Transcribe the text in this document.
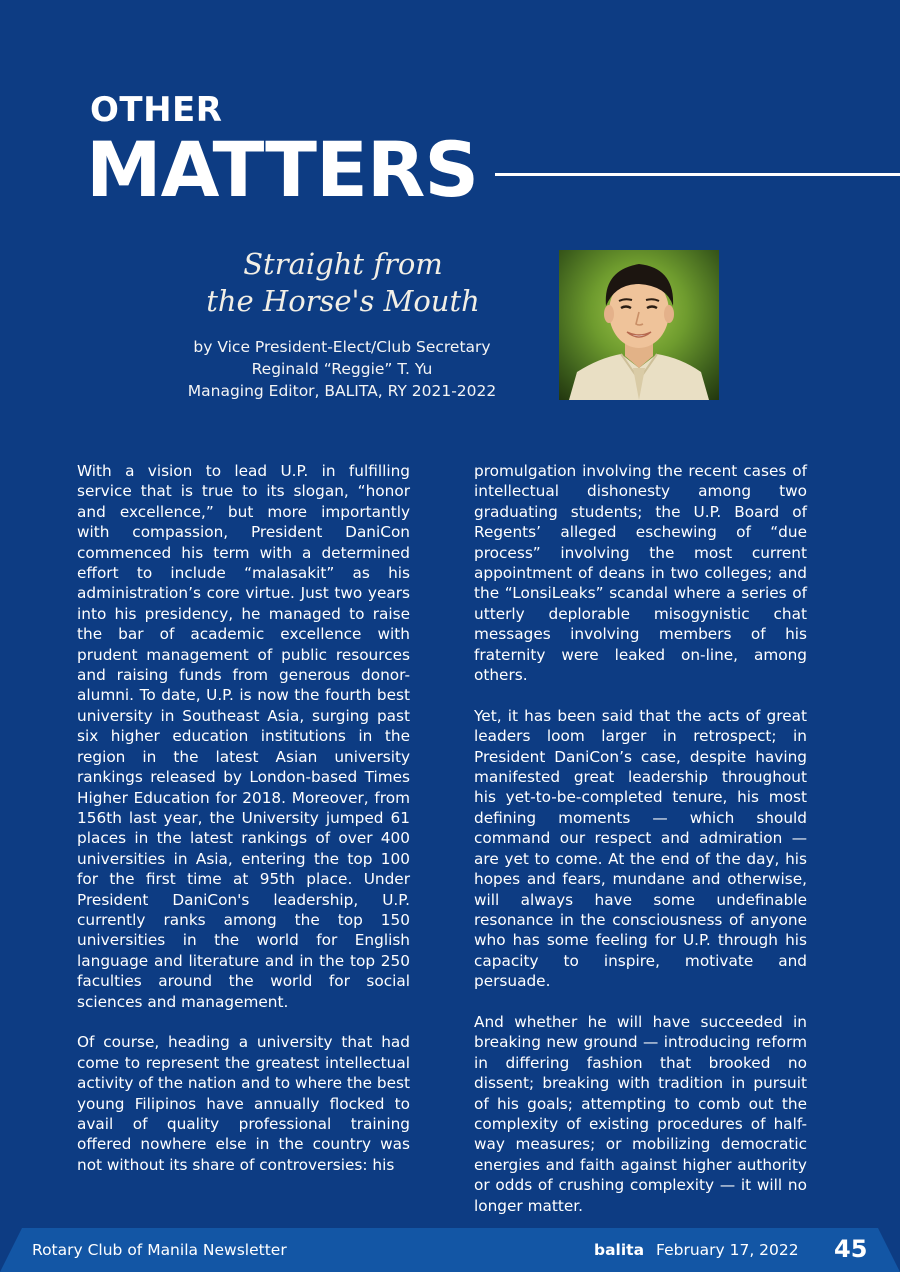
OTHER
MATTERS
Straight from
the Horse's Mouth
by Vice President-Elect/Club Secretary
Reginald “Reggie” T. Yu
Managing Editor, BALITA, RY 2021-2022

With a vision to lead U.P. in fulfilling service that is true to its slogan, “honor and excellence,” but more importantly with compassion, President DaniCon commenced his term with a determined effort to include “malasakit” as his administration’s core virtue. Just two years into his presidency, he managed to raise the bar of academic excellence with prudent management of public resources and raising funds from generous donor-alumni. To date, U.P. is now the fourth best university in Southeast Asia, surging past six higher education institutions in the region in the latest Asian university rankings released by London-based Times Higher Education for 2018. Moreover, from 156th last year, the University jumped 61 places in the latest rankings of over 400 universities in Asia, entering the top 100 for the first time at 95th place. Under President DaniCon's leadership, U.P. currently ranks among the top 150 universities in the world for English language and literature and in the top 250 faculties around the world for social sciences and management.

Of course, heading a university that had come to represent the greatest intellectual activity of the nation and to where the best young Filipinos have annually flocked to avail of quality professional training offered nowhere else in the country was not without its share of controversies: his

promulgation involving the recent cases of intellectual dishonesty among two graduating students; the U.P. Board of Regents’ alleged eschewing of “due process” involving the most current appointment of deans in two colleges; and the “LonsiLeaks” scandal where a series of utterly deplorable misogynistic chat messages involving members of his fraternity were leaked on-line, among others.

Yet, it has been said that the acts of great leaders loom larger in retrospect; in President DaniCon’s case, despite having manifested great leadership throughout his yet-to-be-completed tenure, his most defining moments — which should command our respect and admiration — are yet to come. At the end of the day, his hopes and fears, mundane and otherwise, will always have some undefinable resonance in the consciousness of anyone who has some feeling for U.P. through his capacity to inspire, motivate and persuade.

And whether he will have succeeded in breaking new ground — introducing reform in differing fashion that brooked no dissent; breaking with tradition in pursuit of his goals; attempting to comb out the complexity of existing procedures of half-way measures; or mobilizing democratic energies and faith against higher authority or odds of crushing complexity — it will no longer matter.

Rotary Club of Manila Newsletter	balita February 17, 2022 45
